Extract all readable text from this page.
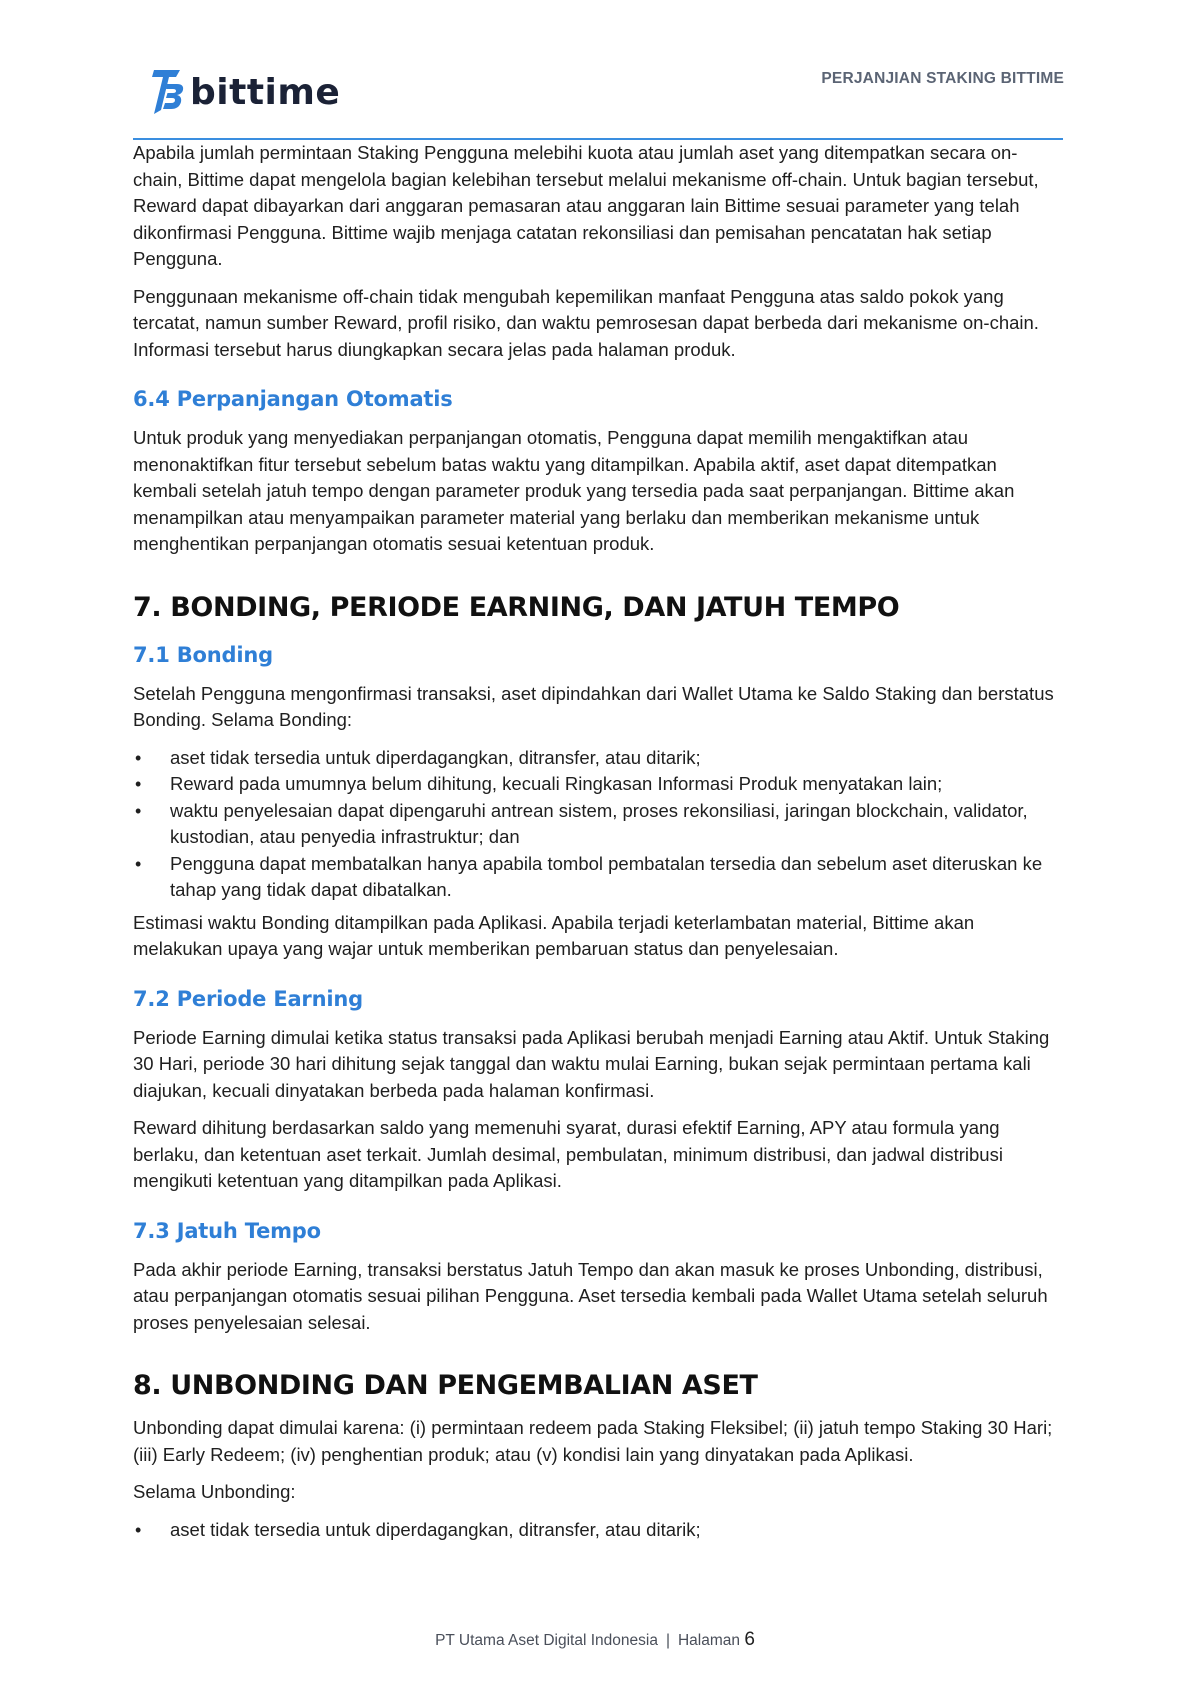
bittime	PERJANJIAN STAKING BITTIME

Apabila jumlah permintaan Staking Pengguna melebihi kuota atau jumlah aset yang ditempatkan secara on-chain, Bittime dapat mengelola bagian kelebihan tersebut melalui mekanisme off-chain. Untuk bagian tersebut, Reward dapat dibayarkan dari anggaran pemasaran atau anggaran lain Bittime sesuai parameter yang telah dikonfirmasi Pengguna. Bittime wajib menjaga catatan rekonsiliasi dan pemisahan pencatatan hak setiap Pengguna.

Penggunaan mekanisme off-chain tidak mengubah kepemilikan manfaat Pengguna atas saldo pokok yang tercatat, namun sumber Reward, profil risiko, dan waktu pemrosesan dapat berbeda dari mekanisme on-chain. Informasi tersebut harus diungkapkan secara jelas pada halaman produk.

6.4 Perpanjangan Otomatis

Untuk produk yang menyediakan perpanjangan otomatis, Pengguna dapat memilih mengaktifkan atau menonaktifkan fitur tersebut sebelum batas waktu yang ditampilkan. Apabila aktif, aset dapat ditempatkan kembali setelah jatuh tempo dengan parameter produk yang tersedia pada saat perpanjangan. Bittime akan menampilkan atau menyampaikan parameter material yang berlaku dan memberikan mekanisme untuk menghentikan perpanjangan otomatis sesuai ketentuan produk.

7. BONDING, PERIODE EARNING, DAN JATUH TEMPO
7.1 Bonding

Setelah Pengguna mengonfirmasi transaksi, aset dipindahkan dari Wallet Utama ke Saldo Staking dan berstatus Bonding. Selama Bonding:

• aset tidak tersedia untuk diperdagangkan, ditransfer, atau ditarik;
• Reward pada umumnya belum dihitung, kecuali Ringkasan Informasi Produk menyatakan lain;
• waktu penyelesaian dapat dipengaruhi antrean sistem, proses rekonsiliasi, jaringan blockchain, validator, kustodian, atau penyedia infrastruktur; dan
• Pengguna dapat membatalkan hanya apabila tombol pembatalan tersedia dan sebelum aset diteruskan ke tahap yang tidak dapat dibatalkan.

Estimasi waktu Bonding ditampilkan pada Aplikasi. Apabila terjadi keterlambatan material, Bittime akan melakukan upaya yang wajar untuk memberikan pembaruan status dan penyelesaian.

7.2 Periode Earning

Periode Earning dimulai ketika status transaksi pada Aplikasi berubah menjadi Earning atau Aktif. Untuk Staking 30 Hari, periode 30 hari dihitung sejak tanggal dan waktu mulai Earning, bukan sejak permintaan pertama kali diajukan, kecuali dinyatakan berbeda pada halaman konfirmasi.

Reward dihitung berdasarkan saldo yang memenuhi syarat, durasi efektif Earning, APY atau formula yang berlaku, dan ketentuan aset terkait. Jumlah desimal, pembulatan, minimum distribusi, dan jadwal distribusi mengikuti ketentuan yang ditampilkan pada Aplikasi.

7.3 Jatuh Tempo

Pada akhir periode Earning, transaksi berstatus Jatuh Tempo dan akan masuk ke proses Unbonding, distribusi, atau perpanjangan otomatis sesuai pilihan Pengguna. Aset tersedia kembali pada Wallet Utama setelah seluruh proses penyelesaian selesai.

8. UNBONDING DAN PENGEMBALIAN ASET

Unbonding dapat dimulai karena: (i) permintaan redeem pada Staking Fleksibel; (ii) jatuh tempo Staking 30 Hari; (iii) Early Redeem; (iv) penghentian produk; atau (v) kondisi lain yang dinyatakan pada Aplikasi.

Selama Unbonding:

• aset tidak tersedia untuk diperdagangkan, ditransfer, atau ditarik;
PT Utama Aset Digital Indonesia | Halaman 6
